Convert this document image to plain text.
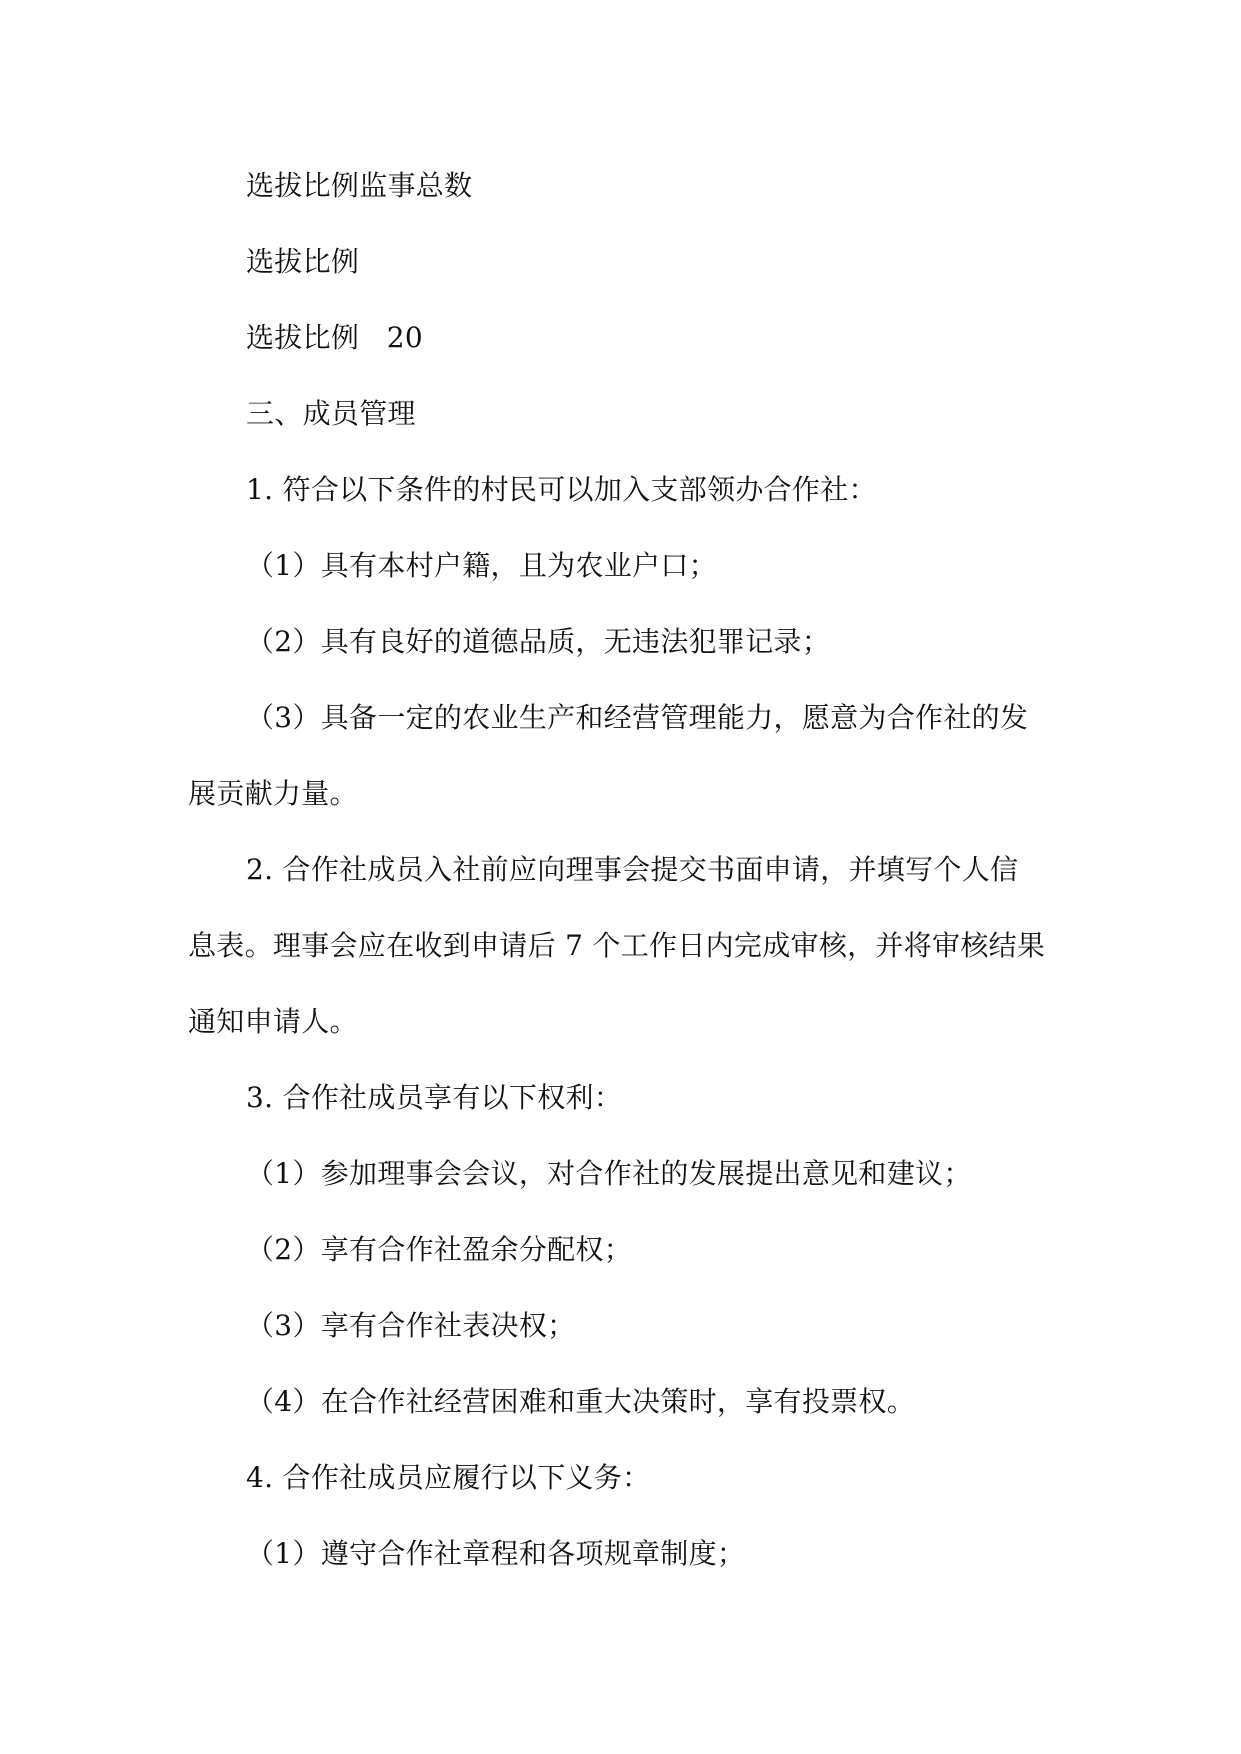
选拔比例监事总数
选拔比例
选拔比例   20
三、成员管理
1. 符合以下条件的村民可以加入支部领办合作社：
（1）具有本村户籍，且为农业户口；
（2）具有良好的道德品质，无违法犯罪记录；
（3）具备一定的农业生产和经营管理能力，愿意为合作社的发
展贡献力量。
2. 合作社成员入社前应向理事会提交书面申请，并填写个人信
息表。理事会应在收到申请后 7 个工作日内完成审核，并将审核结果
通知申请人。
3. 合作社成员享有以下权利：
（1）参加理事会会议，对合作社的发展提出意见和建议；
（2）享有合作社盈余分配权；
（3）享有合作社表决权；
（4）在合作社经营困难和重大决策时，享有投票权。
4. 合作社成员应履行以下义务：
（1）遵守合作社章程和各项规章制度；
